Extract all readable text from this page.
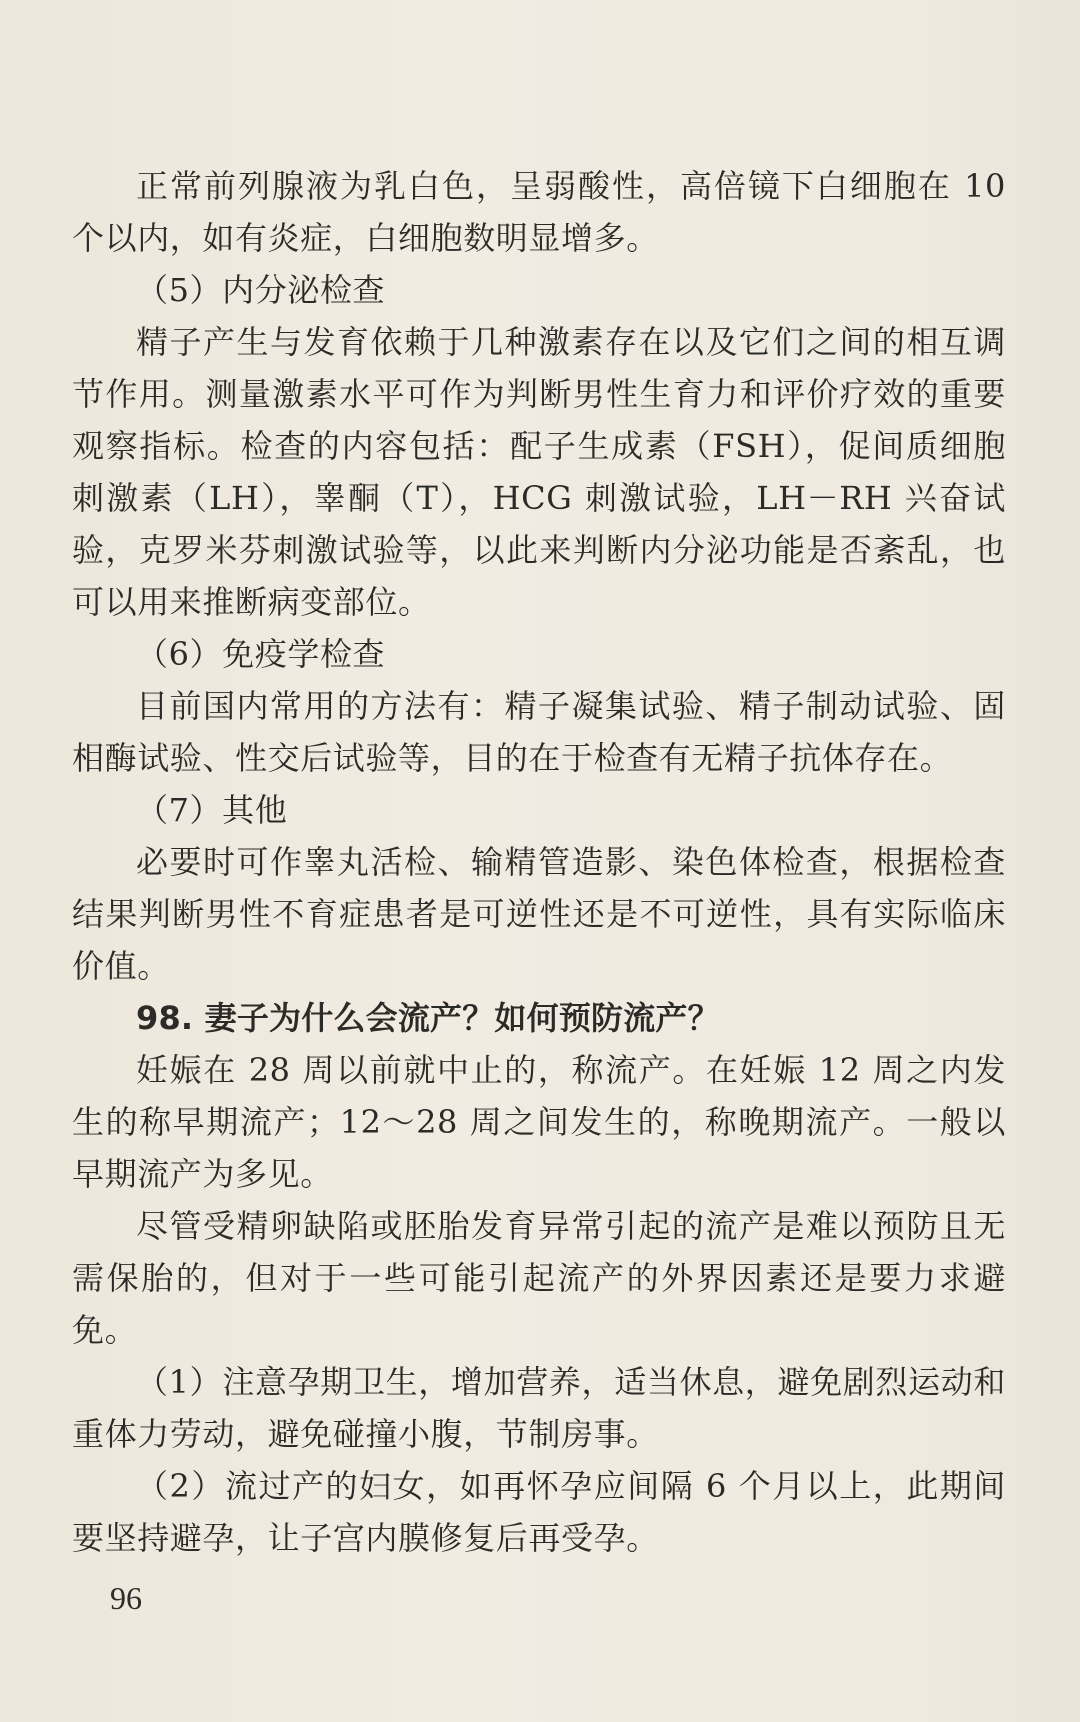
正常前列腺液为乳白色，呈弱酸性，高倍镜下白细胞在 10 个以内，如有炎症，白细胞数明显增多。

（5）内分泌检查

精子产生与发育依赖于几种激素存在以及它们之间的相互调节作用。测量激素水平可作为判断男性生育力和评价疗效的重要观察指标。检查的内容包括：配子生成素（FSH），促间质细胞刺激素（LH），睾酮（T），HCG 刺激试验，LH－RH 兴奋试验，克罗米芬刺激试验等，以此来判断内分泌功能是否紊乱，也可以用来推断病变部位。

（6）免疫学检查

目前国内常用的方法有：精子凝集试验、精子制动试验、固相酶试验、性交后试验等，目的在于检查有无精子抗体存在。

（7）其他

必要时可作睾丸活检、输精管造影、染色体检查，根据检查结果判断男性不育症患者是可逆性还是不可逆性，具有实际临床价值。

98. 妻子为什么会流产？如何预防流产？

妊娠在 28 周以前就中止的，称流产。在妊娠 12 周之内发生的称早期流产；12～28 周之间发生的，称晚期流产。一般以早期流产为多见。

尽管受精卵缺陷或胚胎发育异常引起的流产是难以预防且无需保胎的，但对于一些可能引起流产的外界因素还是要力求避免。

（1）注意孕期卫生，增加营养，适当休息，避免剧烈运动和重体力劳动，避免碰撞小腹，节制房事。

（2）流过产的妇女，如再怀孕应间隔 6 个月以上，此期间要坚持避孕，让子宫内膜修复后再受孕。

96
